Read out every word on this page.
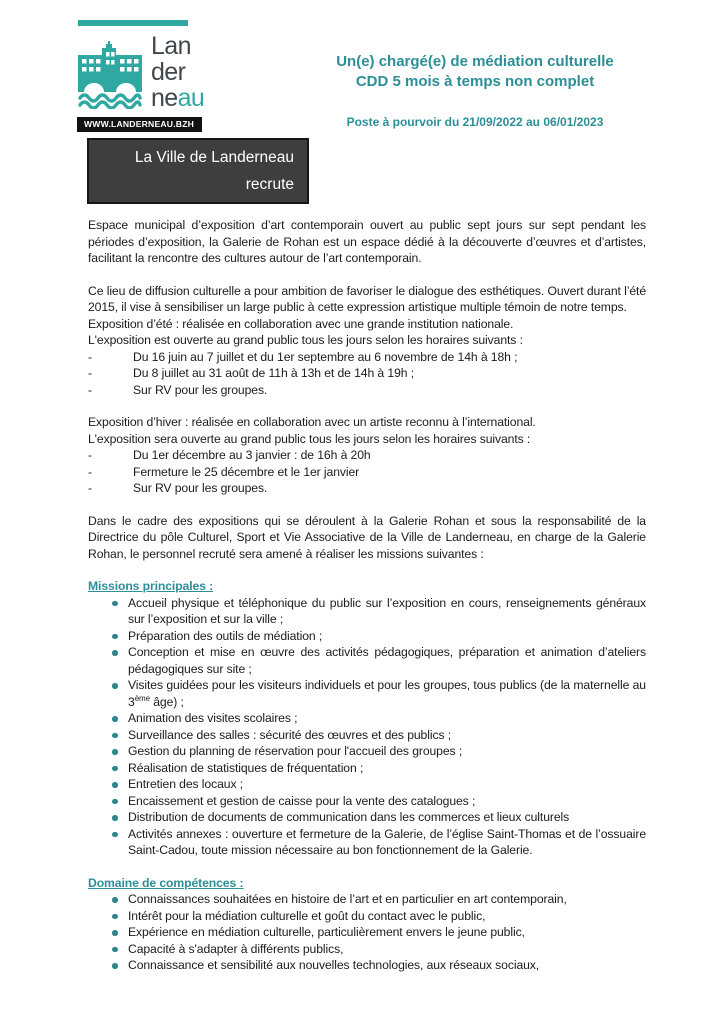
Lan
der
neau
WWW.LANDERNEAU.BZH
La Ville de Landerneau
recrute
Un(e) chargé(e) de médiation culturelle
CDD 5 mois à temps non complet
Poste à pourvoir du 21/09/2022 au 06/01/2023

Espace municipal d’exposition d’art contemporain ouvert au public sept jours sur sept pendant les périodes d’exposition, la Galerie de Rohan est un espace dédié à la découverte d’œuvres et d’artistes, facilitant la rencontre des cultures autour de l’art contemporain.

Ce lieu de diffusion culturelle a pour ambition de favoriser le dialogue des esthétiques. Ouvert durant l’été 2015, il vise à sensibiliser un large public à cette expression artistique multiple témoin de notre temps.

Exposition d’été : réalisée en collaboration avec une grande institution nationale.

L'exposition est ouverte au grand public tous les jours selon les horaires suivants :

- Du 16 juin au 7 juillet et du 1er septembre au 6 novembre de 14h à 18h ;
- Du 8 juillet au 31 août de 11h à 13h et de 14h à 19h ;
- Sur RV pour les groupes.

Exposition d’hiver : réalisée en collaboration avec un artiste reconnu à l’international.

L'exposition sera ouverte au grand public tous les jours selon les horaires suivants :

- Du 1er décembre au 3 janvier : de 16h à 20h
- Fermeture le 25 décembre et le 1er janvier
- Sur RV pour les groupes.

Dans le cadre des expositions qui se déroulent à la Galerie Rohan et sous la responsabilité de la Directrice du pôle Culturel, Sport et Vie Associative de la Ville de Landerneau, en charge de la Galerie Rohan, le personnel recruté sera amené à réaliser les missions suivantes :

Missions principales :

Accueil physique et téléphonique du public sur l’exposition en cours, renseignements généraux sur l’exposition et sur la ville ;
Préparation des outils de médiation ;
Conception et mise en œuvre des activités pédagogiques, préparation et animation d’ateliers pédagogiques sur site ;
Visites guidées pour les visiteurs individuels et pour les groupes, tous publics (de la maternelle au 3ème âge) ;
Animation des visites scolaires ;
Surveillance des salles : sécurité des œuvres et des publics ;
Gestion du planning de réservation pour l'accueil des groupes ;
Réalisation de statistiques de fréquentation ;
Entretien des locaux ;
Encaissement et gestion de caisse pour la vente des catalogues ;
Distribution de documents de communication dans les commerces et lieux culturels
Activités annexes : ouverture et fermeture de la Galerie, de l’église Saint-Thomas et de l’ossuaire Saint-Cadou, toute mission nécessaire au bon fonctionnement de la Galerie.

Domaine de compétences :

Connaissances souhaitées en histoire de l’art et en particulier en art contemporain,
Intérêt pour la médiation culturelle et goût du contact avec le public,
Expérience en médiation culturelle, particulièrement envers le jeune public,
Capacité à s'adapter à différents publics,
Connaissance et sensibilité aux nouvelles technologies, aux réseaux sociaux,
